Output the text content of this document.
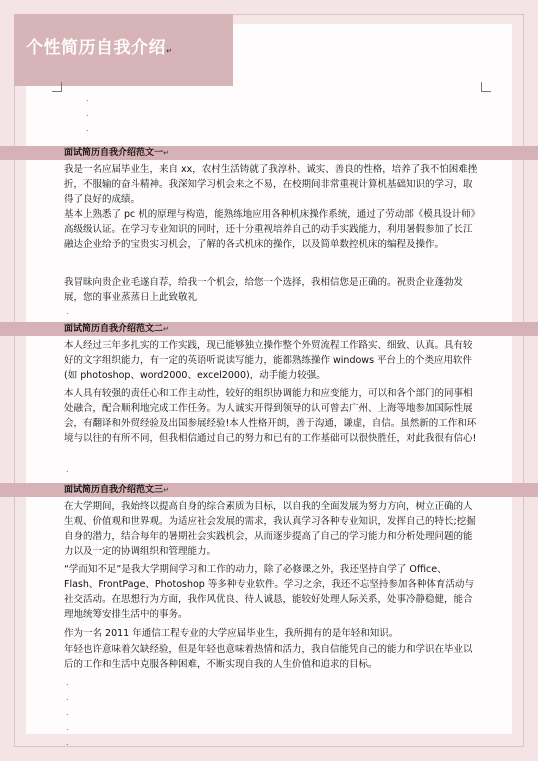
个性简历自我介绍↵
.
.
.
面试简历自我介绍范文一↵
我是一名应届毕业生，来自 xx，农村生活铸就了我淳朴、诚实、善良的性格，培养了我不怕困难挫折，不服输的奋斗精神。我深知学习机会来之不易，在校期间非常重视计算机基础知识的学习，取得了良好的成绩。
基本上熟悉了 pc 机的原理与构造，能熟练地应用各种机床操作系统，通过了劳动部《模具设计师》高级级认证。在学习专业知识的同时，还十分重视培养自己的动手实践能力，利用暑假参加了长江融达企业给予的宝贵实习机会，了解的各式机床的操作，以及简单数控机床的编程及操作。
我冒昧向贵企业毛遂自荐，给我一个机会，给您一个选择，我相信您是正确的。祝贵企业蓬勃发展，您的事业蒸蒸日上此致敬礼
.
面试简历自我介绍范文二↵
本人经过三年多扎实的工作实践，现已能够独立操作整个外贸流程工作路实、细致、认真。具有较好的文字组织能力，有一定的英语听说读写能力，能都熟练操作 windows 平台上的个类应用软件(如 photoshop、word2000、excel2000)，动手能力较强。
本人具有较强的责任心和工作主动性，较好的组织协调能力和应变能力，可以和各个部门的同事相处融合，配合顺利地完成工作任务。为人诚实开得到领导的认可曾去广州、上海等地参加国际性展会，有翻译和外贸经验及出国参展经验!本人性格开朗，善于沟通，谦虚，自信。虽然新的工作和环境与以往的有所不同，但我相信通过自己的努力和已有的工作基础可以很快胜任，对此我很有信心!
.
面试简历自我介绍范文三↵
在大学期间，我始终以提高自身的综合素质为目标，以自我的全面发展为努力方向，树立正确的人生观、价值观和世界观。为适应社会发展的需求，我认真学习各种专业知识，发挥自己的特长;挖掘自身的潜力，结合每年的暑期社会实践机会，从而逐步提高了自己的学习能力和分析处理问题的能力以及一定的协调组织和管理能力。
“学而知不足”是我大学期间学习和工作的动力，除了必修课之外，我还坚持自学了 Office、Flash、FrontPage、Photoshop 等多种专业软件。学习之余，我还不忘坚持参加各种体育活动与社交活动。在思想行为方面，我作风优良、待人诚恳，能较好处理人际关系，处事冷静稳健，能合理地统筹安排生活中的事务。
作为一名 2011 年通信工程专业的大学应届毕业生，我所拥有的是年轻和知识。
年轻也许意味着欠缺经验，但是年轻也意味着热情和活力，我自信能凭自己的能力和学识在毕业以后的工作和生活中克服各种困难，不断实现自我的人生价值和追求的目标。
.
.
.
.
.
